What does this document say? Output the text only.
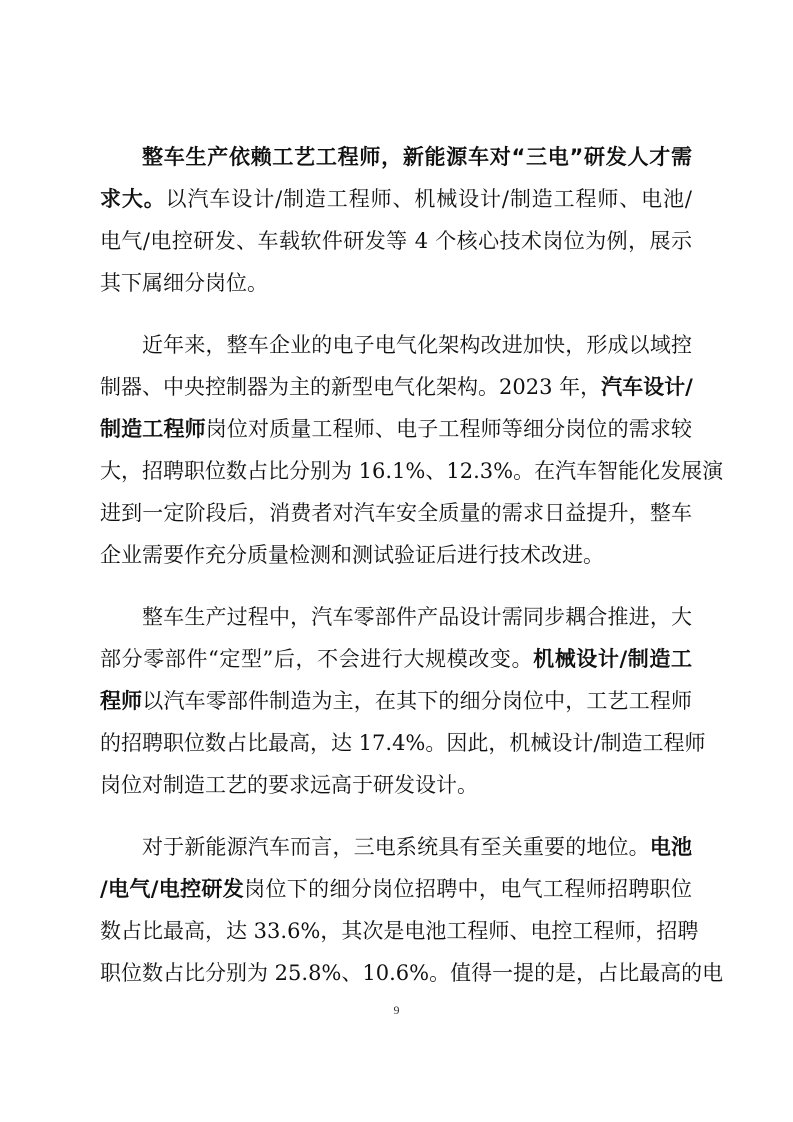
整车生产依赖工艺工程师，新能源车对“三电”研发人才需
求大。以汽车设计/制造工程师、机械设计/制造工程师、电池/
电气/电控研发、车载软件研发等 4 个核心技术岗位为例，展示
其下属细分岗位。
近年来，整车企业的电子电气化架构改进加快，形成以域控
制器、中央控制器为主的新型电气化架构。2023 年，汽车设计/
制造工程师岗位对质量工程师、电子工程师等细分岗位的需求较
大，招聘职位数占比分别为 16.1%、12.3%。在汽车智能化发展演
进到一定阶段后，消费者对汽车安全质量的需求日益提升，整车
企业需要作充分质量检测和测试验证后进行技术改进。
整车生产过程中，汽车零部件产品设计需同步耦合推进，大
部分零部件“定型”后，不会进行大规模改变。机械设计/制造工
程师以汽车零部件制造为主，在其下的细分岗位中，工艺工程师
的招聘职位数占比最高，达 17.4%。因此，机械设计/制造工程师
岗位对制造工艺的要求远高于研发设计。
对于新能源汽车而言，三电系统具有至关重要的地位。电池
/电气/电控研发岗位下的细分岗位招聘中，电气工程师招聘职位
数占比最高，达 33.6%，其次是电池工程师、电控工程师，招聘
职位数占比分别为 25.8%、10.6%。值得一提的是，占比最高的电
9
